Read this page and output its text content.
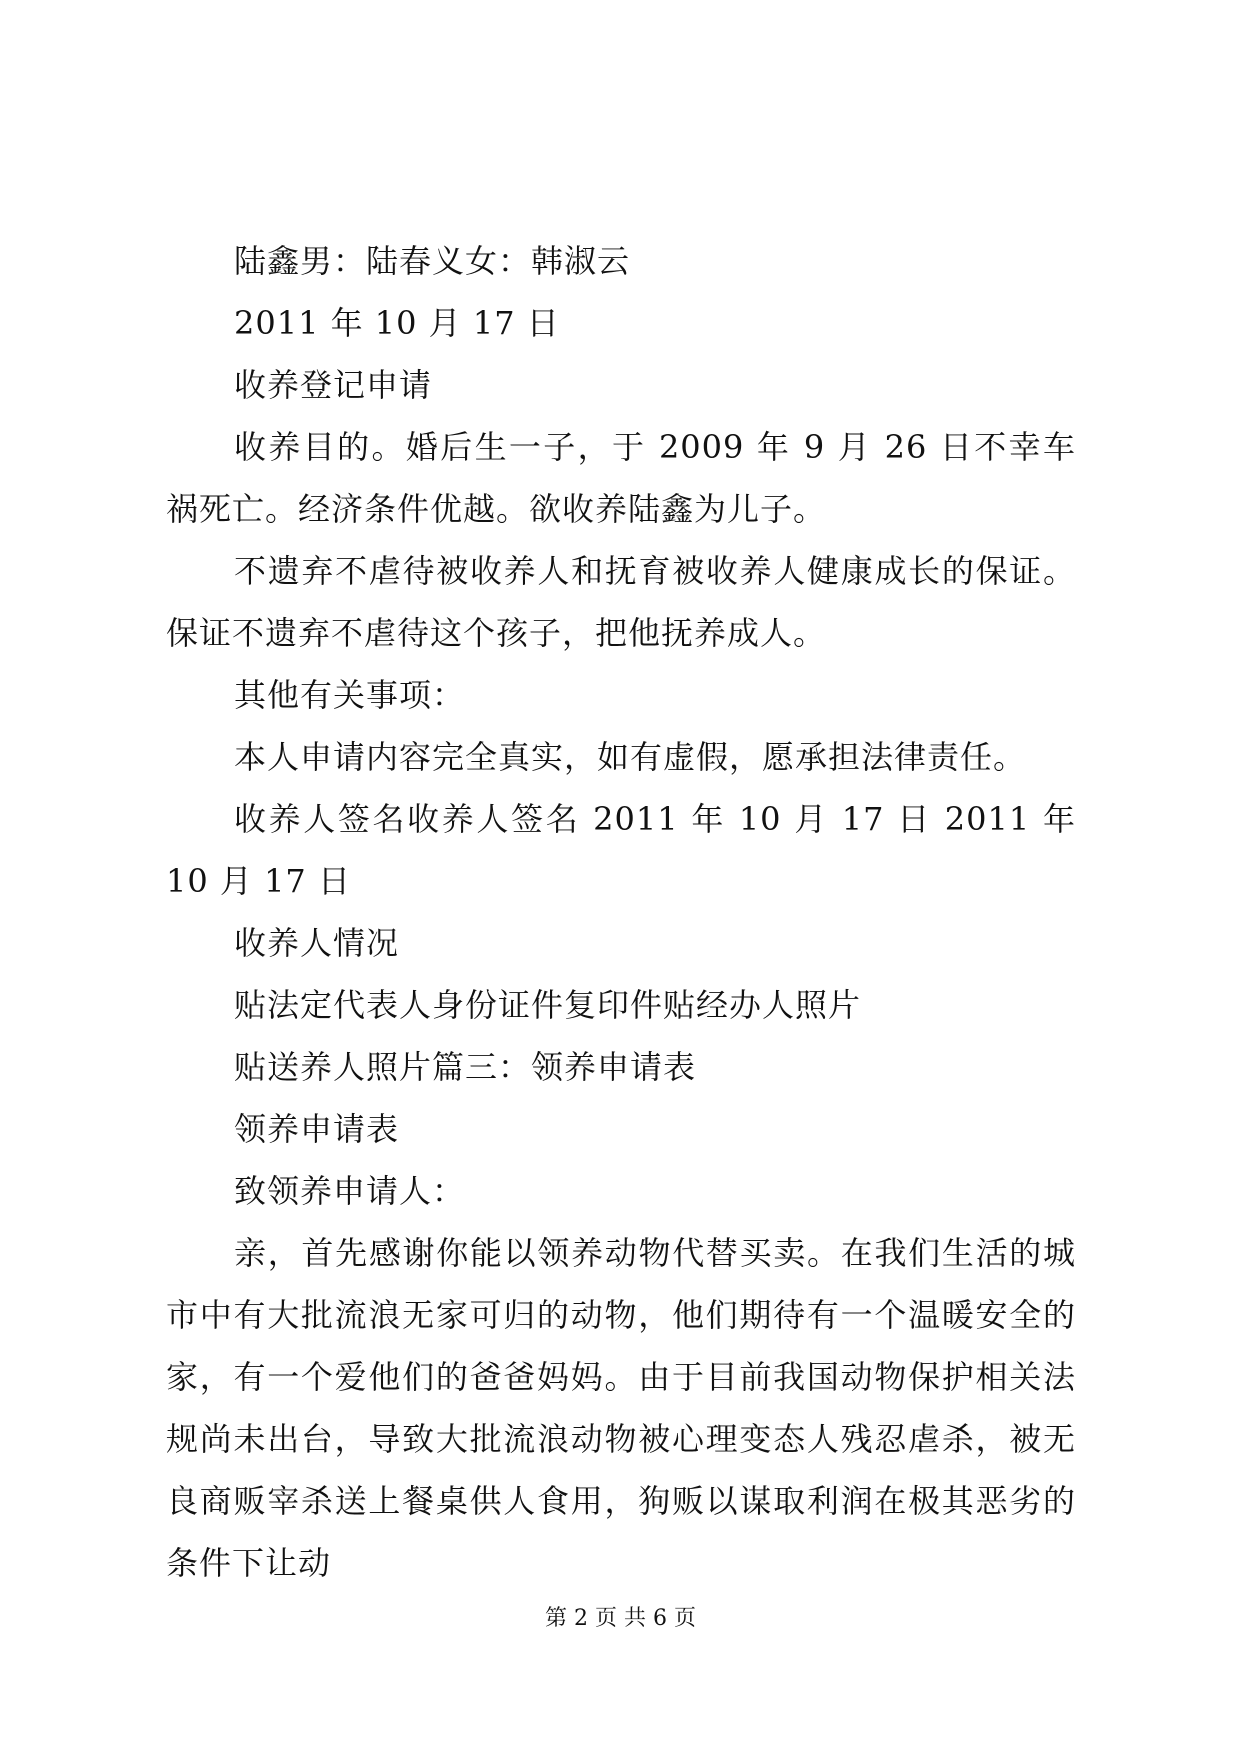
陆鑫男：陆春义女：韩淑云

2011 年 10 月 17 日

收养登记申请

收养目的。婚后生一子，于 2009 年 9 月 26 日不幸车祸死亡。经济条件优越。欲收养陆鑫为儿子。

不遗弃不虐待被收养人和抚育被收养人健康成长的保证。保证不遗弃不虐待这个孩子，把他抚养成人。

其他有关事项：

本人申请内容完全真实，如有虚假，愿承担法律责任。

收养人签名收养人签名 2011 年 10 月 17 日 2011 年 10 月 17 日

收养人情况

贴法定代表人身份证件复印件贴经办人照片

贴送养人照片篇三：领养申请表

领养申请表

致领养申请人：

亲，首先感谢你能以领养动物代替买卖。在我们生活的城市中有大批流浪无家可归的动物，他们期待有一个温暖安全的家，有一个爱他们的爸爸妈妈。由于目前我国动物保护相关法规尚未出台，导致大批流浪动物被心理变态人残忍虐杀，被无良商贩宰杀送上餐桌供人食用，狗贩以谋取利润在极其恶劣的条件下让动

第 2 页 共 6 页
